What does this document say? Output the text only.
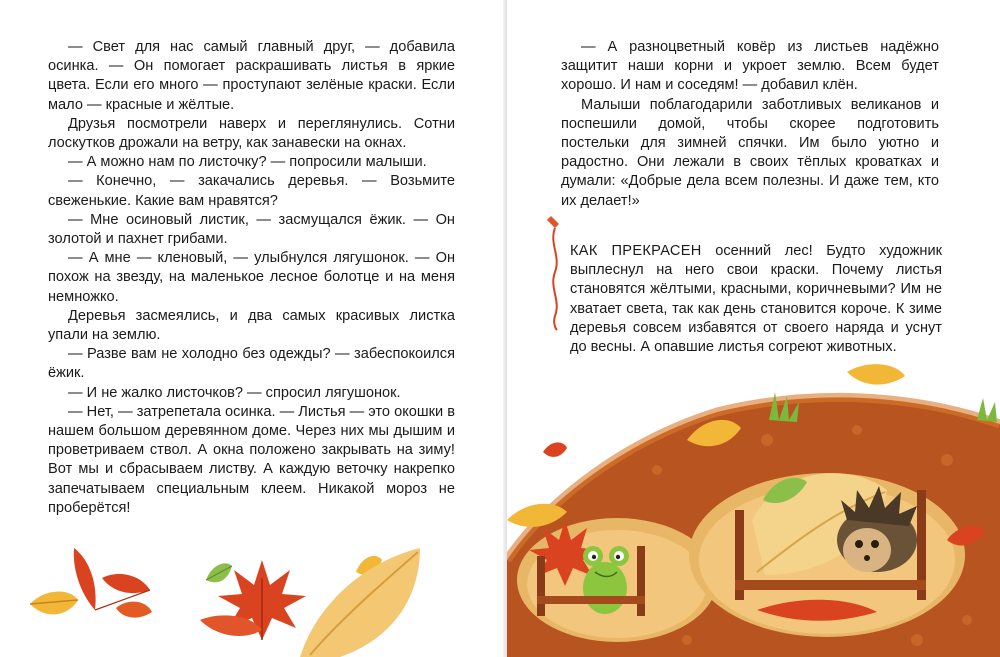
— Свет для нас самый главный друг, — добавила осинка. — Он помогает раскрашивать листья в яркие цвета. Если его много — проступают зелёные краски. Если мало — красные и жёлтые.

Друзья посмотрели наверх и переглянулись. Сотни лоскутков дрожали на ветру, как занавески на окнах.

— А можно нам по листочку? — попросили малыши.

— Конечно, — закачались деревья. — Возьмите свеженькие. Какие вам нравятся?

— Мне осиновый листик, — засмущался ёжик. — Он золотой и пахнет грибами.

— А мне — кленовый, — улыбнулся лягушонок. — Он похож на звезду, на маленькое лесное болотце и на меня немножко.

Деревья засмеялись, и два самых красивых листка упали на землю.

— Разве вам не холодно без одежды? — забеспокоился ёжик.

— И не жалко листочков? — спросил лягушонок.

— Нет, — затрепетала осинка. — Листья — это окошки в нашем большом деревянном доме. Через них мы дышим и проветриваем ствол. А окна положено закрывать на зиму! Вот мы и сбрасываем листву. А каждую веточку накрепко запечатываем специальным клеем. Никакой мороз не проберётся!

— А разноцветный ковёр из листьев надёжно защитит наши корни и укроет землю. Всем будет хорошо. И нам и соседям! — добавил клён.

Малыши поблагодарили заботливых великанов и поспешили домой, чтобы скорее подготовить постельки для зимней спячки. Им было уютно и радостно. Они лежали в своих тёплых кроватках и думали: «Добрые дела всем полезны. И даже тем, кто их делает!»

КАК ПРЕКРАСЕН осенний лес! Будто художник выплеснул на него свои краски. Почему листья становятся жёлтыми, красными, коричневыми? Им не хватает света, так как день становится короче. К зиме деревья совсем избавятся от своего наряда и уснут до весны. А опавшие листья согреют животных.
